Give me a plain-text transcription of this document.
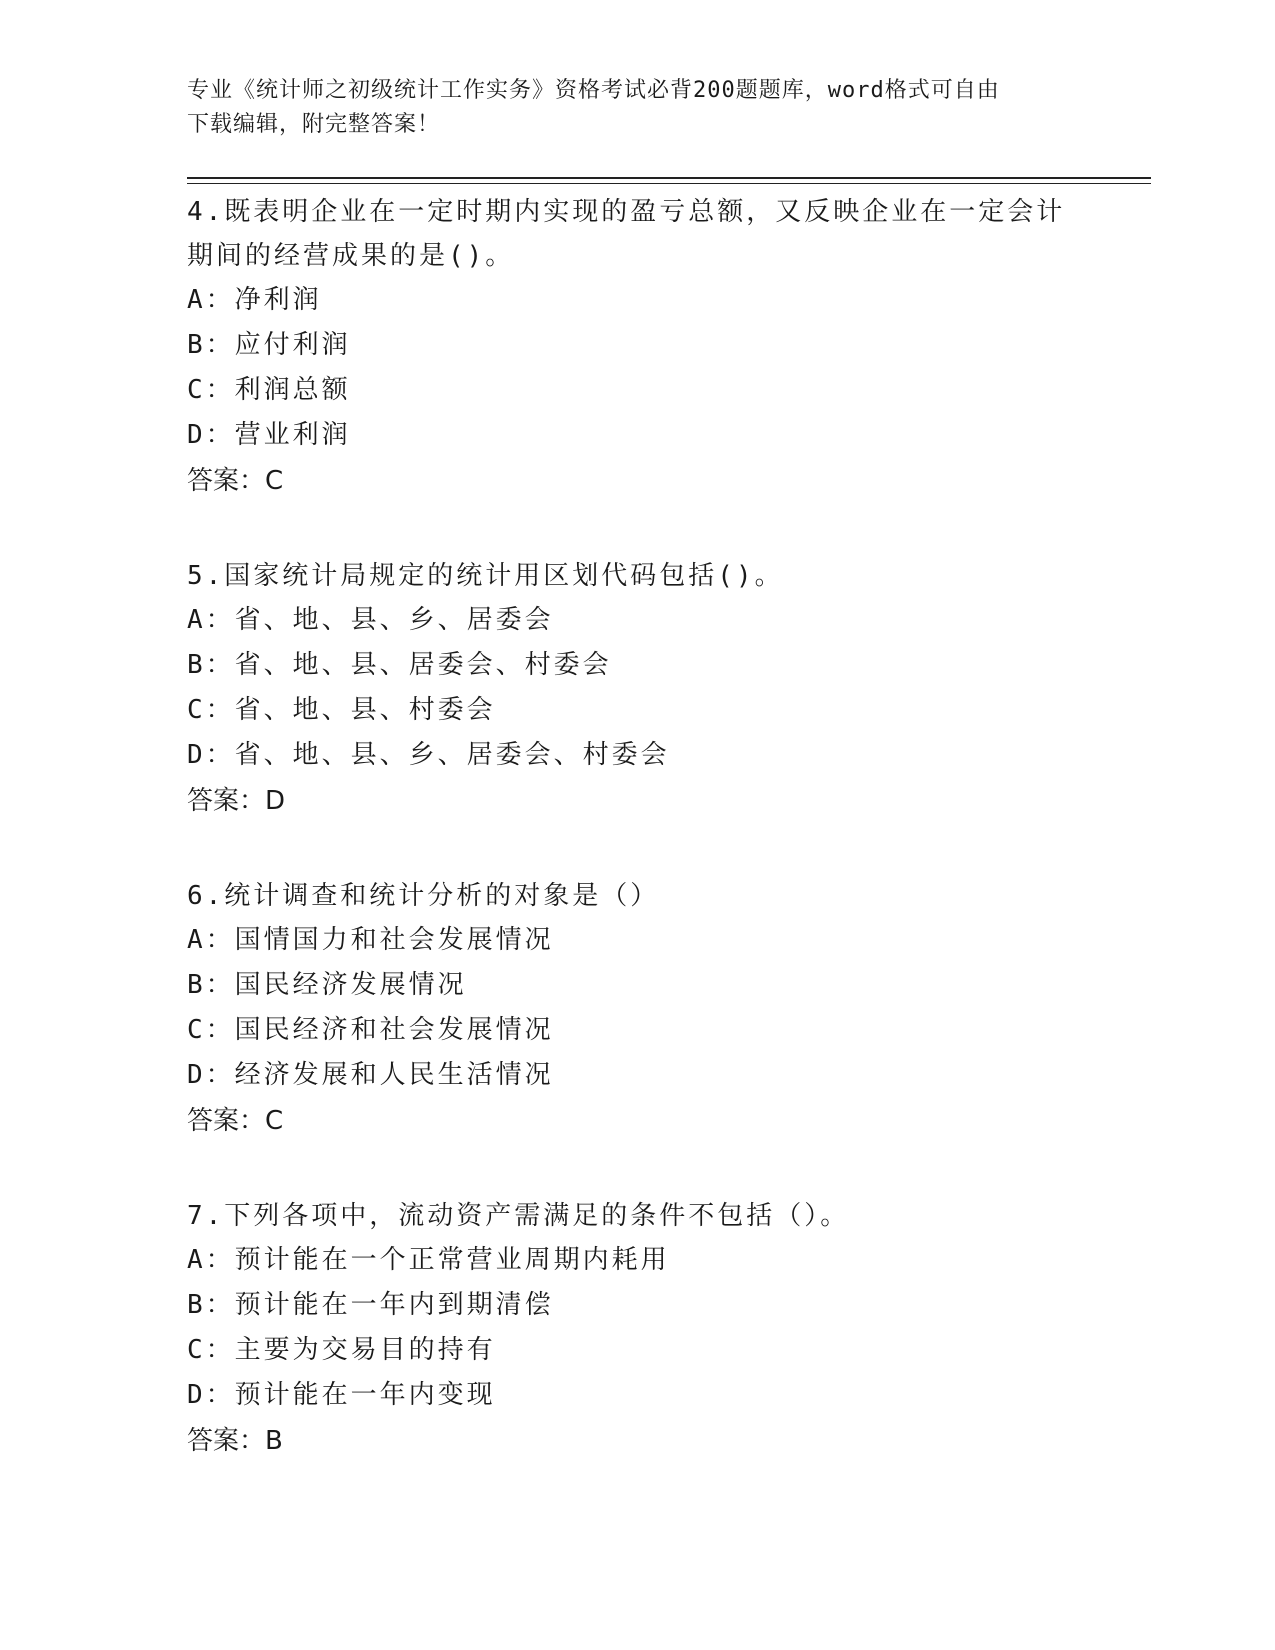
专业《统计师之初级统计工作实务》资格考试必背200题题库，word格式可自由
下载编辑，附完整答案！

4.既表明企业在一定时期内实现的盈亏总额，又反映企业在一定会计
期间的经营成果的是()。

A：净利润

B：应付利润

C：利润总额

D：营业利润

答案：C

5.国家统计局规定的统计用区划代码包括()。

A：省、地、县、乡、居委会

B：省、地、县、居委会、村委会

C：省、地、县、村委会

D：省、地、县、乡、居委会、村委会

答案：D

6.统计调查和统计分析的对象是（）

A：国情国力和社会发展情况

B：国民经济发展情况

C：国民经济和社会发展情况

D：经济发展和人民生活情况

答案：C

7.下列各项中，流动资产需满足的条件不包括（）。

A：预计能在一个正常营业周期内耗用

B：预计能在一年内到期清偿

C：主要为交易目的持有

D：预计能在一年内变现

答案：B
